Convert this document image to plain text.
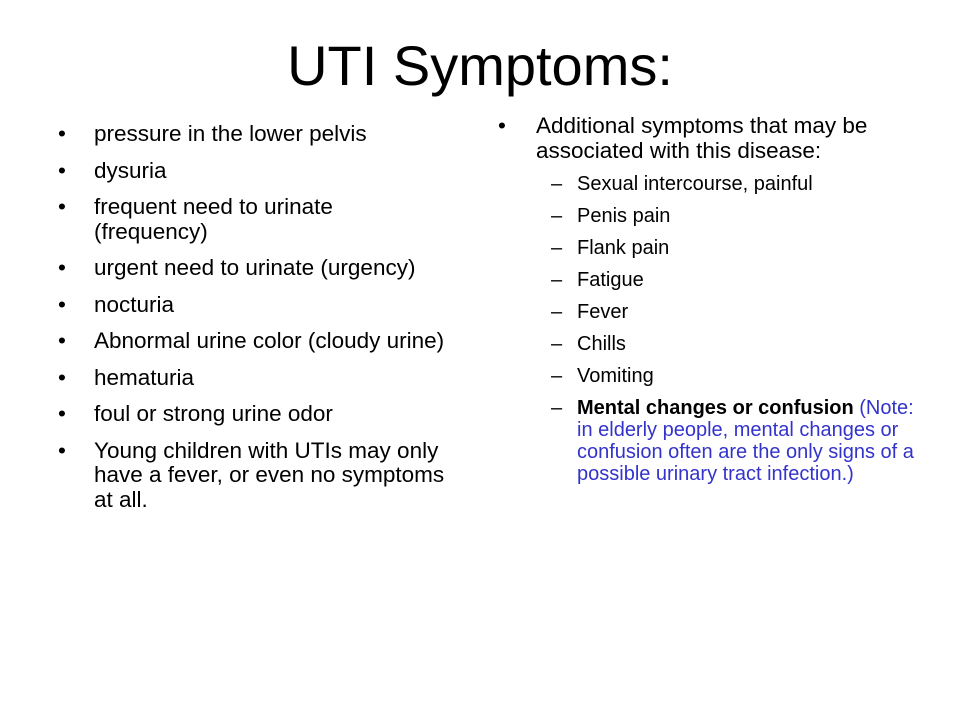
UTI Symptoms:
• pressure in the lower pelvis
• dysuria
• frequent need to urinate (frequency)
• urgent need to urinate (urgency)
• nocturia
• Abnormal urine color (cloudy urine)
• hematuria
• foul or strong urine odor
• Young children with UTIs may only have a fever, or even no symptoms at all.
• Additional symptoms that may be associated with this disease:
– Sexual intercourse, painful
– Penis pain
– Flank pain
– Fatigue
– Fever
– Chills
– Vomiting
– Mental changes or confusion (Note: in elderly people, mental changes or confusion often are the only signs of a possible urinary tract infection.)
